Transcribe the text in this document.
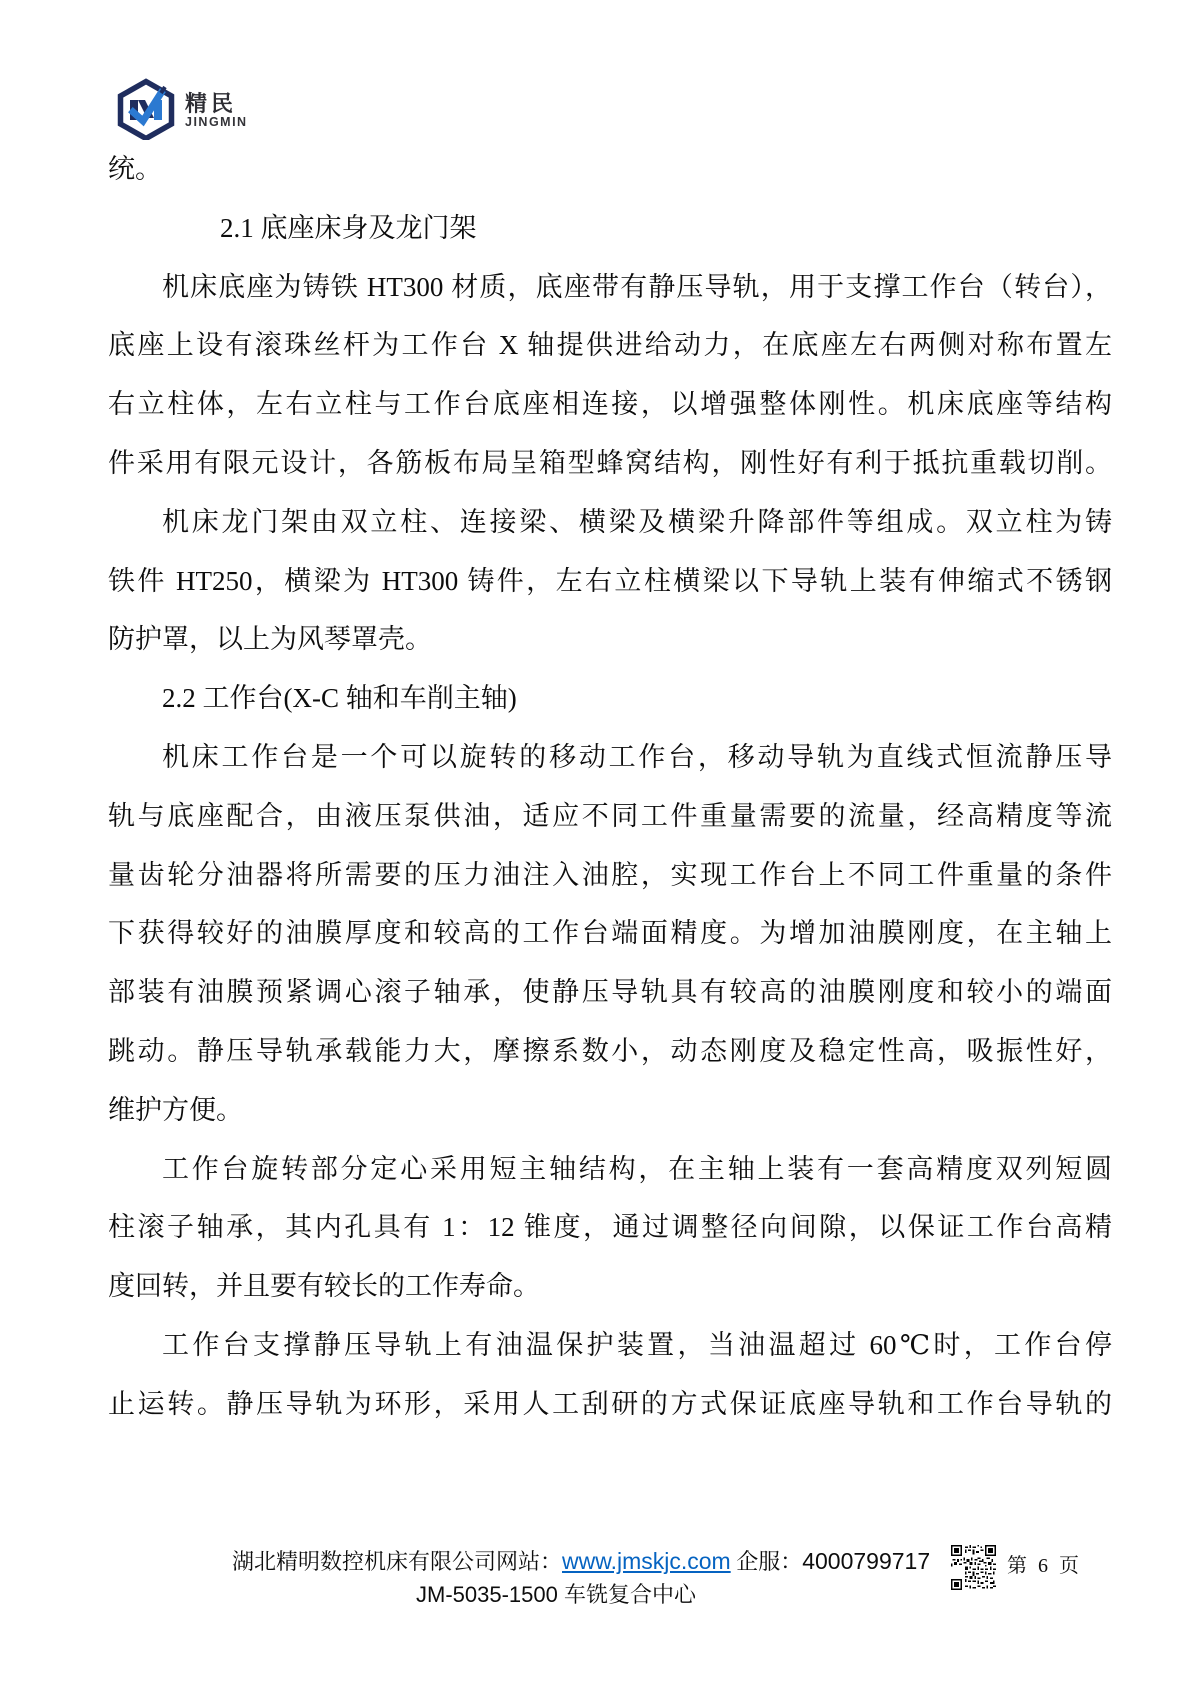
精民
JINGMIN
统。
2.1 底座床身及龙门架
机床底座为铸铁 HT300 材质，底座带有静压导轨，用于支撑工作台（转台），
底座上设有滚珠丝杆为工作台 X 轴提供进给动力，在底座左右两侧对称布置左
右立柱体，左右立柱与工作台底座相连接，以增强整体刚性。机床底座等结构
件采用有限元设计，各筋板布局呈箱型蜂窝结构，刚性好有利于抵抗重载切削。
机床龙门架由双立柱、连接梁、横梁及横梁升降部件等组成。双立柱为铸
铁件 HT250，横梁为 HT300 铸件，左右立柱横梁以下导轨上装有伸缩式不锈钢
防护罩，以上为风琴罩壳。
2.2 工作台(X-C 轴和车削主轴)
机床工作台是一个可以旋转的移动工作台，移动导轨为直线式恒流静压导
轨与底座配合，由液压泵供油，适应不同工件重量需要的流量，经高精度等流
量齿轮分油器将所需要的压力油注入油腔，实现工作台上不同工件重量的条件
下获得较好的油膜厚度和较高的工作台端面精度。为增加油膜刚度，在主轴上
部装有油膜预紧调心滚子轴承，使静压导轨具有较高的油膜刚度和较小的端面
跳动。静压导轨承载能力大，摩擦系数小，动态刚度及稳定性高，吸振性好，
维护方便。
工作台旋转部分定心采用短主轴结构，在主轴上装有一套高精度双列短圆
柱滚子轴承，其内孔具有 1：12 锥度，通过调整径向间隙，以保证工作台高精
度回转，并且要有较长的工作寿命。
工作台支撑静压导轨上有油温保护装置，当油温超过 60℃时，工作台停
止运转。静压导轨为环形，采用人工刮研的方式保证底座导轨和工作台导轨的
湖北精明数控机床有限公司网站：www.jmskjc.com 企服：4000799717
JM-5035-1500 车铣复合中心
第 6 页
